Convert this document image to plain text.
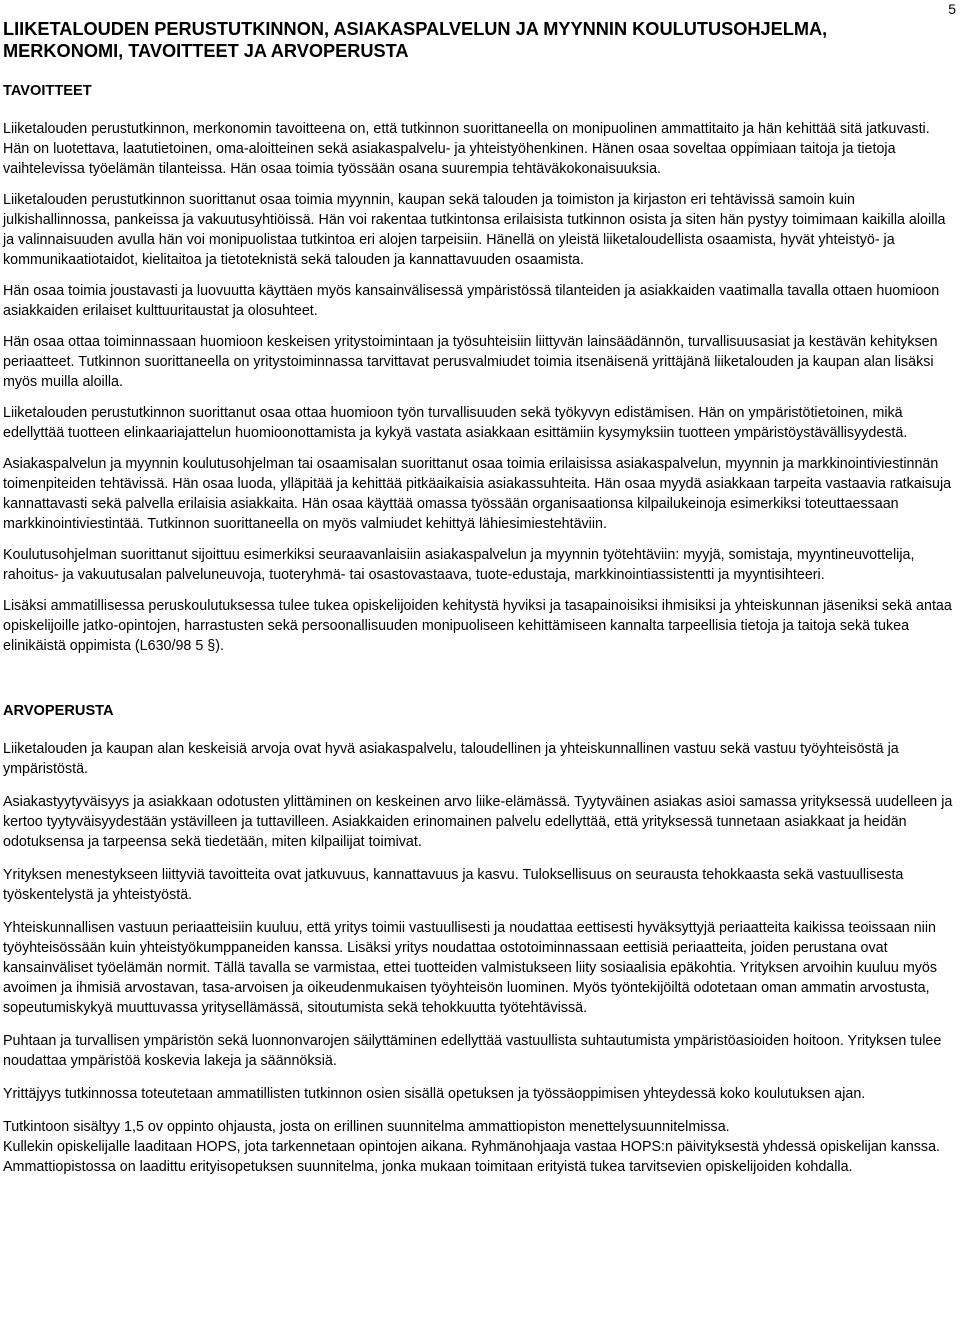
5
LIIKETALOUDEN PERUSTUTKINNON, ASIAKASPALVELUN JA MYYNNIN KOULUTUSOHJELMA, MERKONOMI, TAVOITTEET JA ARVOPERUSTA
TAVOITTEET

Liiketalouden perustutkinnon, merkonomin tavoitteena on, että tutkinnon suorittaneella on monipuolinen ammattitaito ja hän kehittää sitä jatkuvasti. Hän on luotettava, laatutietoinen, oma-aloitteinen sekä asiakaspalvelu- ja yhteistyöhenkinen. Hänen osaa soveltaa oppimiaan taitoja ja tietoja vaihtelevissa työelämän tilanteissa. Hän osaa toimia työssään osana suurempia tehtäväkokonaisuuksia.

Liiketalouden perustutkinnon suorittanut osaa toimia myynnin, kaupan sekä talouden ja toimiston ja kirjaston eri tehtävissä samoin kuin julkishallinnossa, pankeissa ja vakuutusyhtiöissä. Hän voi rakentaa tutkintonsa erilaisista tutkinnon osista ja siten hän pystyy toimimaan kaikilla aloilla ja valinnaisuuden avulla hän voi monipuolistaa tutkintoa eri alojen tarpeisiin. Hänellä on yleistä liiketaloudellista osaamista, hyvät yhteistyö- ja kommunikaatiotaidot, kielitaitoa ja tietoteknistä sekä talouden ja kannattavuuden osaamista.

Hän osaa toimia joustavasti ja luovuutta käyttäen myös kansainvälisessä ympäristössä tilanteiden ja asiakkaiden vaatimalla tavalla ottaen huomioon asiakkaiden erilaiset kulttuuritaustat ja olosuhteet.

Hän osaa ottaa toiminnassaan huomioon keskeisen yritystoimintaan ja työsuhteisiin liittyvän lainsäädännön, turvallisuusasiat ja kestävän kehityksen periaatteet. Tutkinnon suorittaneella on yritystoiminnassa tarvittavat perusvalmiudet toimia itsenäisenä yrittäjänä liiketalouden ja kaupan alan lisäksi myös muilla aloilla.

Liiketalouden perustutkinnon suorittanut osaa ottaa huomioon työn turvallisuuden sekä työkyvyn edistämisen. Hän on ympäristötietoinen, mikä edellyttää tuotteen elinkaariajattelun huomioonottamista ja kykyä vastata asiakkaan esittämiin kysymyksiin tuotteen ympäristöystävällisyydestä.

Asiakaspalvelun ja myynnin koulutusohjelman tai osaamisalan suorittanut osaa toimia erilaisissa asiakaspalvelun, myynnin ja markkinointiviestinnän toimenpiteiden tehtävissä. Hän osaa luoda, ylläpitää ja kehittää pitkäaikaisia asiakassuhteita. Hän osaa myydä asiakkaan tarpeita vastaavia ratkaisuja kannattavasti sekä palvella erilaisia asiakkaita. Hän osaa käyttää omassa työssään organisaationsa kilpailukeinoja esimerkiksi toteuttaessaan markkinointiviestintää. Tutkinnon suorittaneella on myös valmiudet kehittyä lähiesimiestehtäviin.

Koulutusohjelman suorittanut sijoittuu esimerkiksi seuraavanlaisiin asiakaspalvelun ja myynnin työtehtäviin: myyjä, somistaja, myyntineuvottelija, rahoitus- ja vakuutusalan palveluneuvoja, tuoteryhmä- tai osastovastaava, tuote-edustaja, markkinointiassistentti ja myyntisihteeri.

Lisäksi ammatillisessa peruskoulutuksessa tulee tukea opiskelijoiden kehitystä hyviksi ja tasapainoisiksi ihmisiksi ja yhteiskunnan jäseniksi sekä antaa opiskelijoille jatko-opintojen, harrastusten sekä persoonallisuuden monipuoliseen kehittämiseen kannalta tarpeellisia tietoja ja taitoja sekä tukea elinikäistä oppimista (L630/98 5 §).

ARVOPERUSTA

Liiketalouden ja kaupan alan keskeisiä arvoja ovat hyvä asiakaspalvelu, taloudellinen ja yhteiskunnallinen vastuu sekä vastuu työyhteisöstä ja ympäristöstä.

Asiakastyytyväisyys ja asiakkaan odotusten ylittäminen on keskeinen arvo liike-elämässä. Tyytyväinen asiakas asioi samassa yrityksessä uudelleen ja kertoo tyytyväisyydestään ystävilleen ja tuttavilleen. Asiakkaiden erinomainen palvelu edellyttää, että yrityksessä tunnetaan asiakkaat ja heidän odotuksensa ja tarpeensa sekä tiedetään, miten kilpailijat toimivat.

Yrityksen menestykseen liittyviä tavoitteita ovat jatkuvuus, kannattavuus ja kasvu. Tuloksellisuus on seurausta tehokkaasta sekä vastuullisesta työskentelystä ja yhteistyöstä.

Yhteiskunnallisen vastuun periaatteisiin kuuluu, että yritys toimii vastuullisesti ja noudattaa eettisesti hyväksyttyjä periaatteita kaikissa teoissaan niin työyhteisössään kuin yhteistyökumppaneiden kanssa. Lisäksi yritys noudattaa ostotoiminnassaan eettisiä periaatteita, joiden perustana ovat kansainväliset työelämän normit. Tällä tavalla se varmistaa, ettei tuotteiden valmistukseen liity sosiaalisia epäkohtia. Yrityksen arvoihin kuuluu myös avoimen ja ihmisiä arvostavan, tasa-arvoisen ja oikeudenmukaisen työyhteisön luominen. Myös työntekijöiltä odotetaan oman ammatin arvostusta, sopeutumiskykyä muuttuvassa yritysellämässä, sitoutumista sekä tehokkuutta työtehtävissä.

Puhtaan ja turvallisen ympäristön sekä luonnonvarojen säilyttäminen edellyttää vastuullista suhtautumista ympäristöasioiden hoitoon. Yrityksen tulee noudattaa ympäristöä koskevia lakeja ja säännöksiä.

Yrittäjyys tutkinnossa toteutetaan ammatillisten tutkinnon osien sisällä opetuksen ja työssäoppimisen yhteydessä koko koulutuksen ajan.

Tutkintoon sisältyy 1,5 ov oppinto ohjausta, josta on erillinen suunnitelma ammattiopiston menettelysuunnitelmissa.

Kullekin opiskelijalle laaditaan HOPS, jota tarkennetaan opintojen aikana. Ryhmänohjaaja vastaa HOPS:n päivityksestä yhdessä opiskelijan kanssa. Ammattiopistossa on laadittu erityisopetuksen suunnitelma, jonka mukaan toimitaan erityistä tukea tarvitsevien opiskelijoiden kohdalla.
